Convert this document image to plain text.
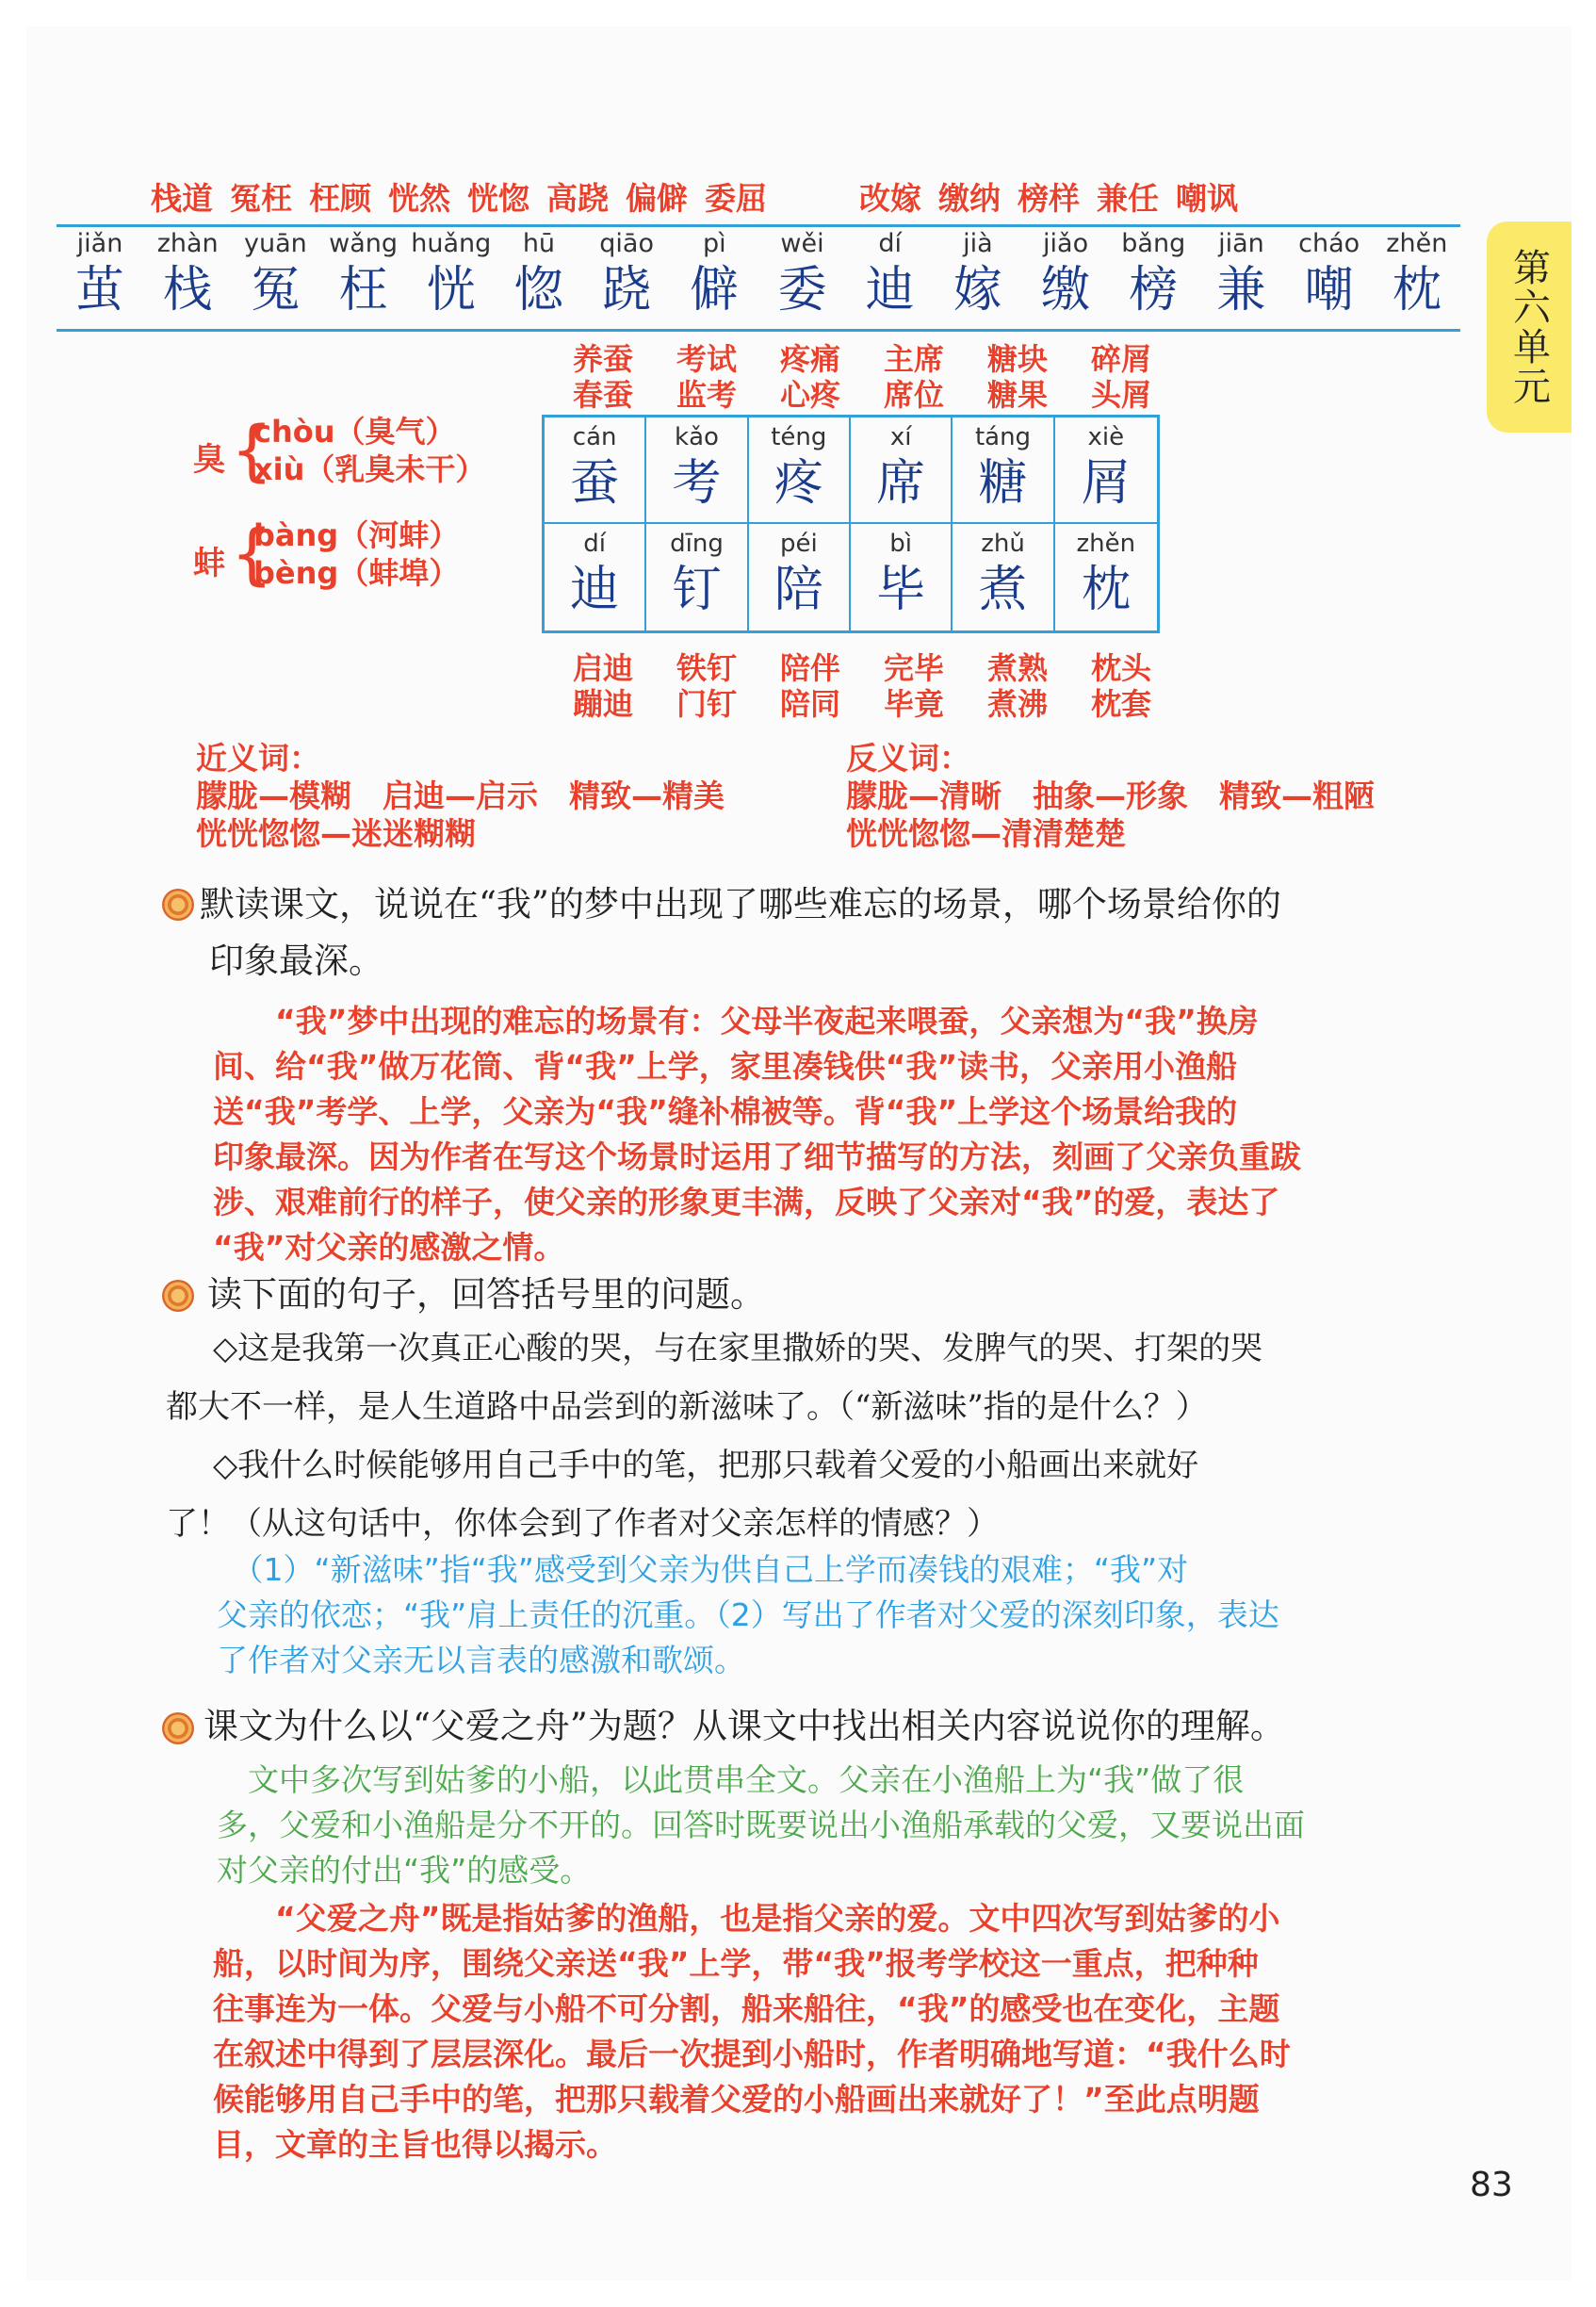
栈道 冤枉 枉顾 恍然 恍惚 高跷 偏僻 委屈	改嫁 缴纳 榜样 兼任 嘲讽
jiǎn
茧
zhàn
栈
yuān
冤
wǎng
枉
huǎng
恍
hū
惚
qiāo
跷
pì
僻
wěi
委
dí
迪
jià
嫁
jiǎo
缴
bǎng
榜
jiān
兼
cháo
嘲
zhěn
枕	第六单元
臭 {
chòu（臭气）
xiù（乳臭未干）
蚌 {
bàng（河蚌）
bèng（蚌埠）
养蚕
春蚕
考试
监考
疼痛
心疼
主席
席位
糖块
糖果
碎屑
头屑
cán
蚕
kǎo
考
téng
疼
xí
席
táng
糖
xiè
屑
dí
迪
dīng
钉
péi
陪
bì
毕
zhǔ
煮
zhěn
枕
启迪
蹦迪
铁钉
门钉
陪伴
陪同
完毕
毕竟
煮熟
煮沸
枕头
枕套
近义词：
朦胧—模糊　启迪—启示　精致—精美
恍恍惚惚—迷迷糊糊
反义词：
朦胧—清晰　抽象—形象　精致—粗陋
恍恍惚惚—清清楚楚
默读课文，说说在“我”的梦中出现了哪些难忘的场景，哪个场景给你的
印象最深。
　　“我”梦中出现的难忘的场景有：父母半夜起来喂蚕，父亲想为“我”换房
间、给“我”做万花筒、背“我”上学，家里凑钱供“我”读书，父亲用小渔船
送“我”考学、上学，父亲为“我”缝补棉被等。背“我”上学这个场景给我的
印象最深。因为作者在写这个场景时运用了细节描写的方法，刻画了父亲负重跋
涉、艰难前行的样子，使父亲的形象更丰满，反映了父亲对“我”的爱，表达了
“我”对父亲的感激之情。
读下面的句子，回答括号里的问题。
◇这是我第一次真正心酸的哭，与在家里撒娇的哭、发脾气的哭、打架的哭
都大不一样，是人生道路中品尝到的新滋味了。（“新滋味”指的是什么？）
◇我什么时候能够用自己手中的笔，把那只载着父爱的小船画出来就好
了！（从这句话中，你体会到了作者对父亲怎样的情感？）
　（1）“新滋味”指“我”感受到父亲为供自己上学而凑钱的艰难；“我”对
父亲的依恋；“我”肩上责任的沉重。（2）写出了作者对父爱的深刻印象，表达
了作者对父亲无以言表的感激和歌颂。
课文为什么以“父爱之舟”为题？从课文中找出相关内容说说你的理解。
　文中多次写到姑爹的小船，以此贯串全文。父亲在小渔船上为“我”做了很
多，父爱和小渔船是分不开的。回答时既要说出小渔船承载的父爱，又要说出面
对父亲的付出“我”的感受。
　　“父爱之舟”既是指姑爹的渔船，也是指父亲的爱。文中四次写到姑爹的小
船，以时间为序，围绕父亲送“我”上学，带“我”报考学校这一重点，把种种
往事连为一体。父爱与小船不可分割，船来船往，“我”的感受也在变化，主题
在叙述中得到了层层深化。最后一次提到小船时，作者明确地写道：“我什么时
候能够用自己手中的笔，把那只载着父爱的小船画出来就好了！”至此点明题
目，文章的主旨也得以揭示。
83
